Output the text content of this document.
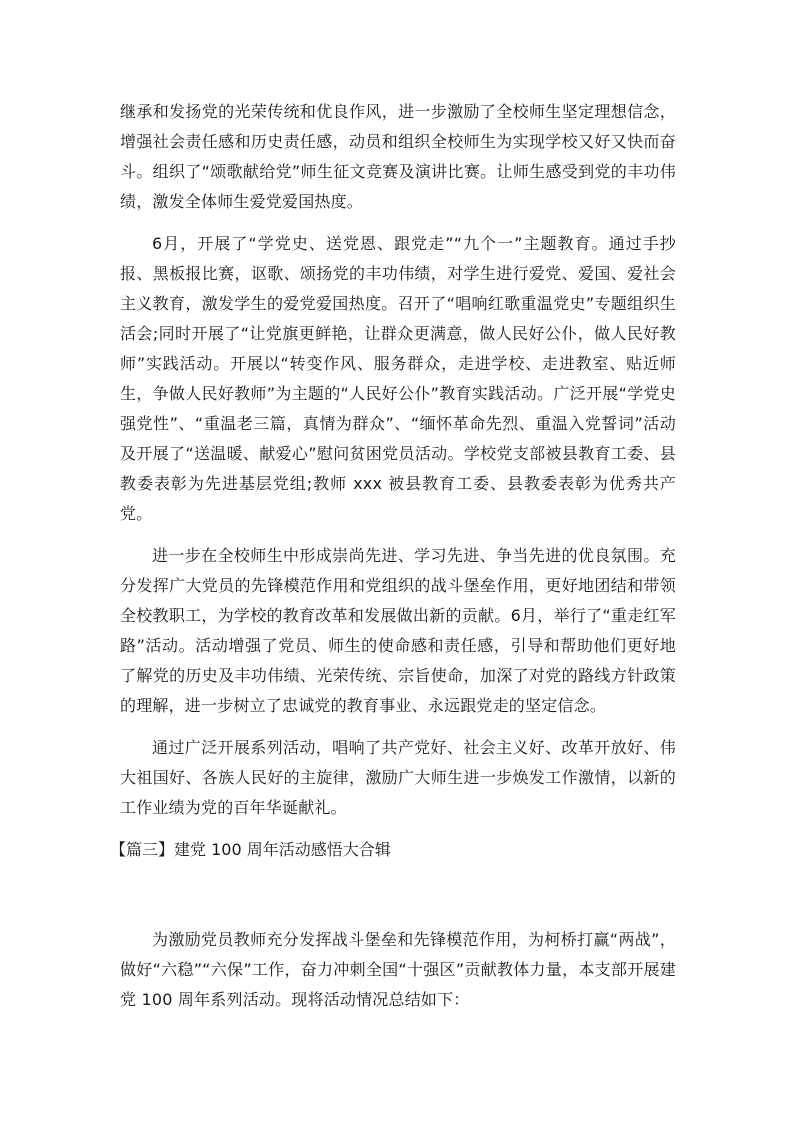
继承和发扬党的光荣传统和优良作风，进一步激励了全校师生坚定理想信念，增强社会责任感和历史责任感，动员和组织全校师生为实现学校又好又快而奋斗。组织了“颂歌献给党”师生征文竞赛及演讲比赛。让师生感受到党的丰功伟绩，激发全体师生爱党爱国热度。

6月，开展了“学党史、送党恩、跟党走”“九个一”主题教育。通过手抄报、黑板报比赛，讴歌、颂扬党的丰功伟绩，对学生进行爱党、爱国、爱社会主义教育，激发学生的爱党爱国热度。召开了“唱响红歌重温党史”专题组织生活会;同时开展了“让党旗更鲜艳，让群众更满意，做人民好公仆，做人民好教师”实践活动。开展以“转变作风、服务群众，走进学校、走进教室、贴近师生，争做人民好教师”为主题的“人民好公仆”教育实践活动。广泛开展“学党史强党性”、“重温老三篇，真情为群众”、“缅怀革命先烈、重温入党誓词”活动及开展了“送温暖、献爱心”慰问贫困党员活动。学校党支部被县教育工委、县教委表彰为先进基层党组;教师 xxx 被县教育工委、县教委表彰为优秀共产党。

进一步在全校师生中形成崇尚先进、学习先进、争当先进的优良氛围。充分发挥广大党员的先锋模范作用和党组织的战斗堡垒作用，更好地团结和带领全校教职工，为学校的教育改革和发展做出新的贡献。6月，举行了“重走红军路”活动。活动增强了党员、师生的使命感和责任感，引导和帮助他们更好地了解党的历史及丰功伟绩、光荣传统、宗旨使命，加深了对党的路线方针政策的理解，进一步树立了忠诚党的教育事业、永远跟党走的坚定信念。

通过广泛开展系列活动，唱响了共产党好、社会主义好、改革开放好、伟大祖国好、各族人民好的主旋律，激励广大师生进一步焕发工作激情，以新的工作业绩为党的百年华诞献礼。

【篇三】建党 100 周年活动感悟大合辑

为激励党员教师充分发挥战斗堡垒和先锋模范作用，为柯桥打赢“两战”，做好“六稳”“六保”工作，奋力冲刺全国“十强区”贡献教体力量，本支部开展建党 100 周年系列活动。现将活动情况总结如下：
